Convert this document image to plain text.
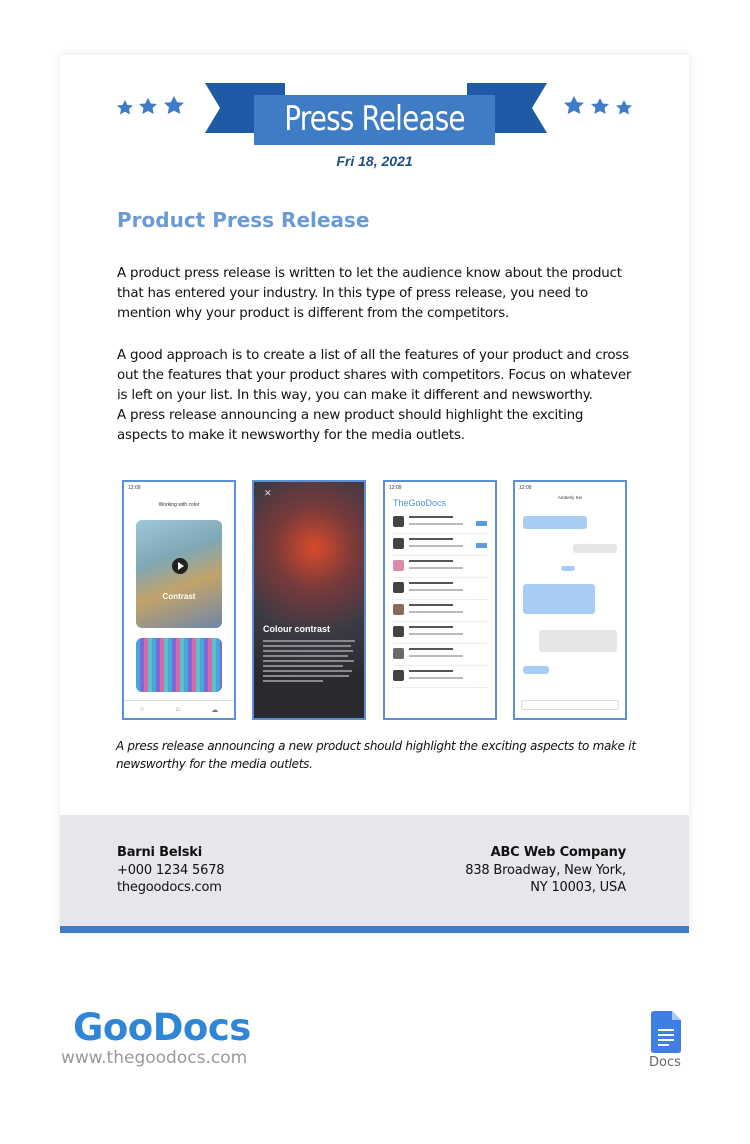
Press Release
Fri 18, 2021
Product Press Release

A product press release is written to let the audience know about the product that has entered your industry. In this type of press release, you need to mention why your product is different from the competitors.

A good approach is to create a list of all the features of your product and cross out the features that your product shares with competitors. Focus on whatever is left on your list. In this way, you can make it different and newsworthy.

A press release announcing a new product should highlight the exciting aspects to make it newsworthy for the media outlets.

12:09
Working with color
Contrast
○	⌂	☁
✕
Colour contrast
12:09
TheGooDocs
12:09
Amberly Kei
A press release announcing a new product should highlight the exciting aspects to make it newsworthy for the media outlets.
Barni Belski
+000 1234 5678
thegoodocs.com
ABC Web Company
838 Broadway, New York,
NY 10003, USA
GooDocs
www.thegoodocs.com	Docs
